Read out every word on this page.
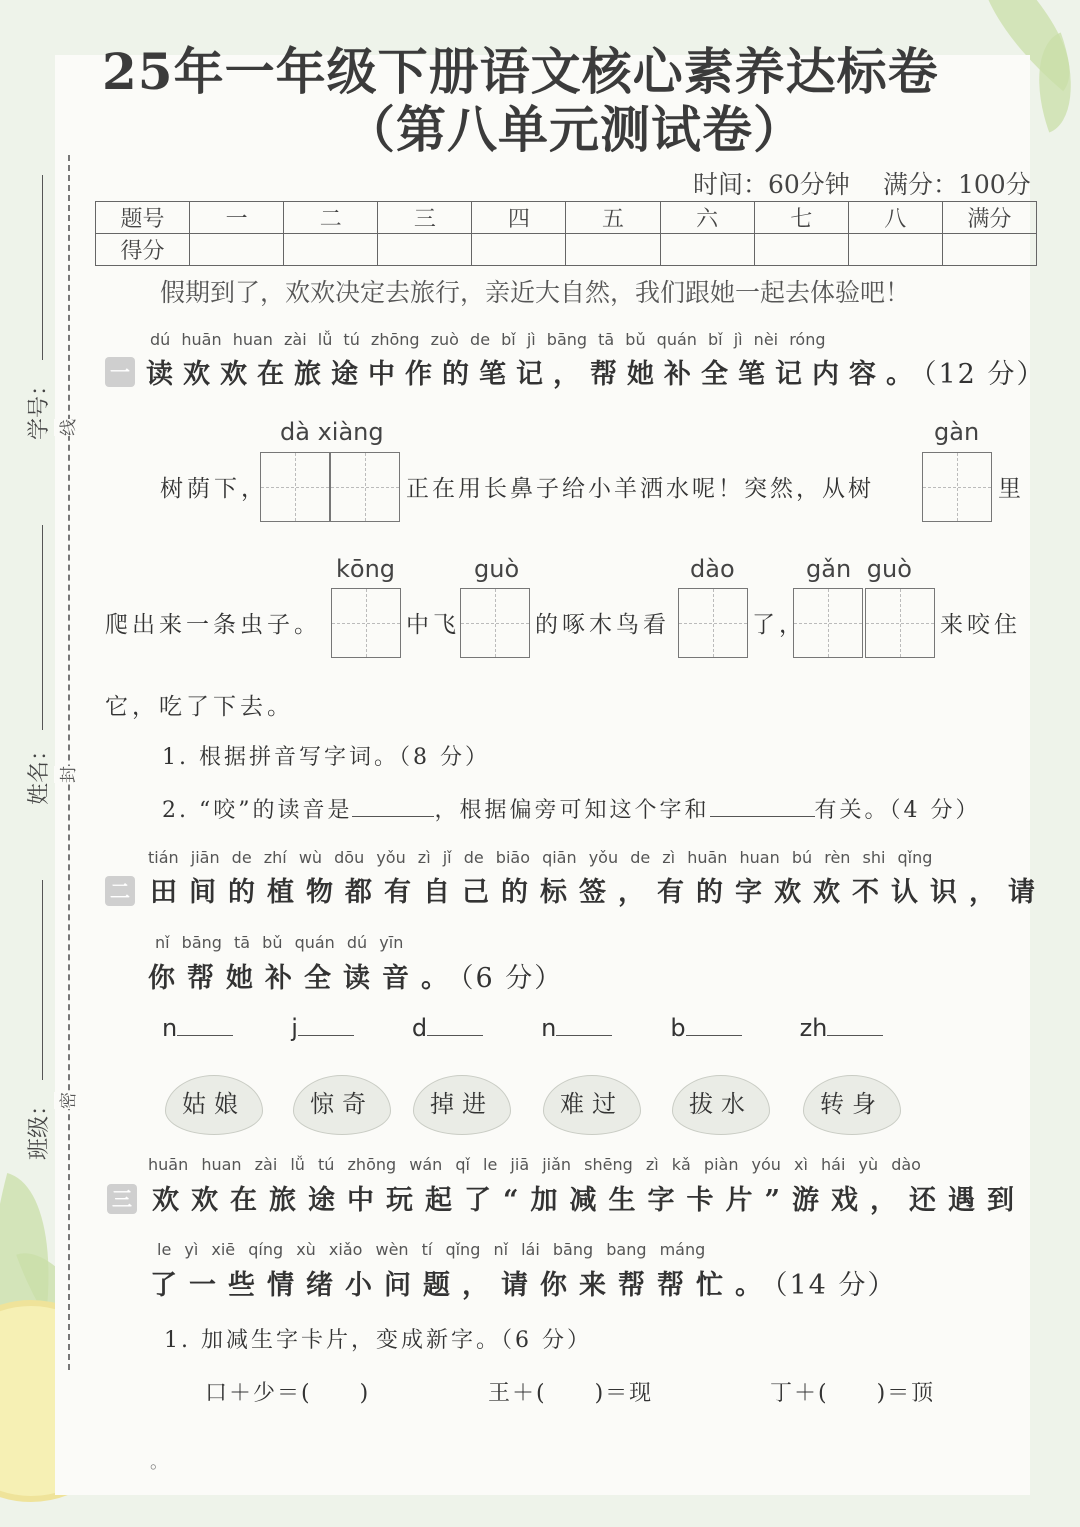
25年一年级下册语文核心素养达标卷
（第八单元测试卷）
时间：60分钟 满分：100分
题号	一	二	三	四	五	六	七	八	满分
得分									
学号： 线
姓名： 封
班级： 密
假期到了，欢欢决定去旅行，亲近大自然，我们跟她一起去体验吧！
dú huān huan zài lǚ tú zhōng zuò de bǐ jì bāng tā bǔ quán bǐ jì nèi róng
一 读欢欢在旅途中作的笔记，帮她补全笔记内容。（12 分）
dà xiàng	gàn
树荫下，	正在用长鼻子给小羊洒水呢！突然，从树	里
kōng	guò	dào	gǎn guò
爬出来一条虫子。	中飞	的啄木鸟看	了，	来咬住
它，吃了下去。
1. 根据拼音写字词。（8 分）
2. “咬”的读音是	，根据偏旁可知这个字和	有关。（4 分）
tián jiān de zhí wù dōu yǒu zì jǐ de biāo qiān yǒu de zì huān huan bú rèn shi qǐng
二 田间的植物都有自己的标签，有的字欢欢不认识，请
nǐ bāng tā bǔ quán dú yīn
你帮她补全读音。（6 分）
n	j	d	n	b	zh
姑娘	惊奇	掉进	难过	拔水	转身
huān huan zài lǚ tú zhōng wán qǐ le jiā jiǎn shēng zì kǎ piàn yóu xì hái yù dào
三 欢欢在旅途中玩起了“加减生字卡片”游戏，还遇到
le yì xiē qíng xù xiǎo wèn tí qǐng nǐ lái bāng bang máng
了一些情绪小问题，请你来帮帮忙。（14 分）
1. 加减生字卡片，变成新字。（6 分）
口＋少＝(　　)	王＋(　　)＝现	丁＋(　　)＝顶
。
